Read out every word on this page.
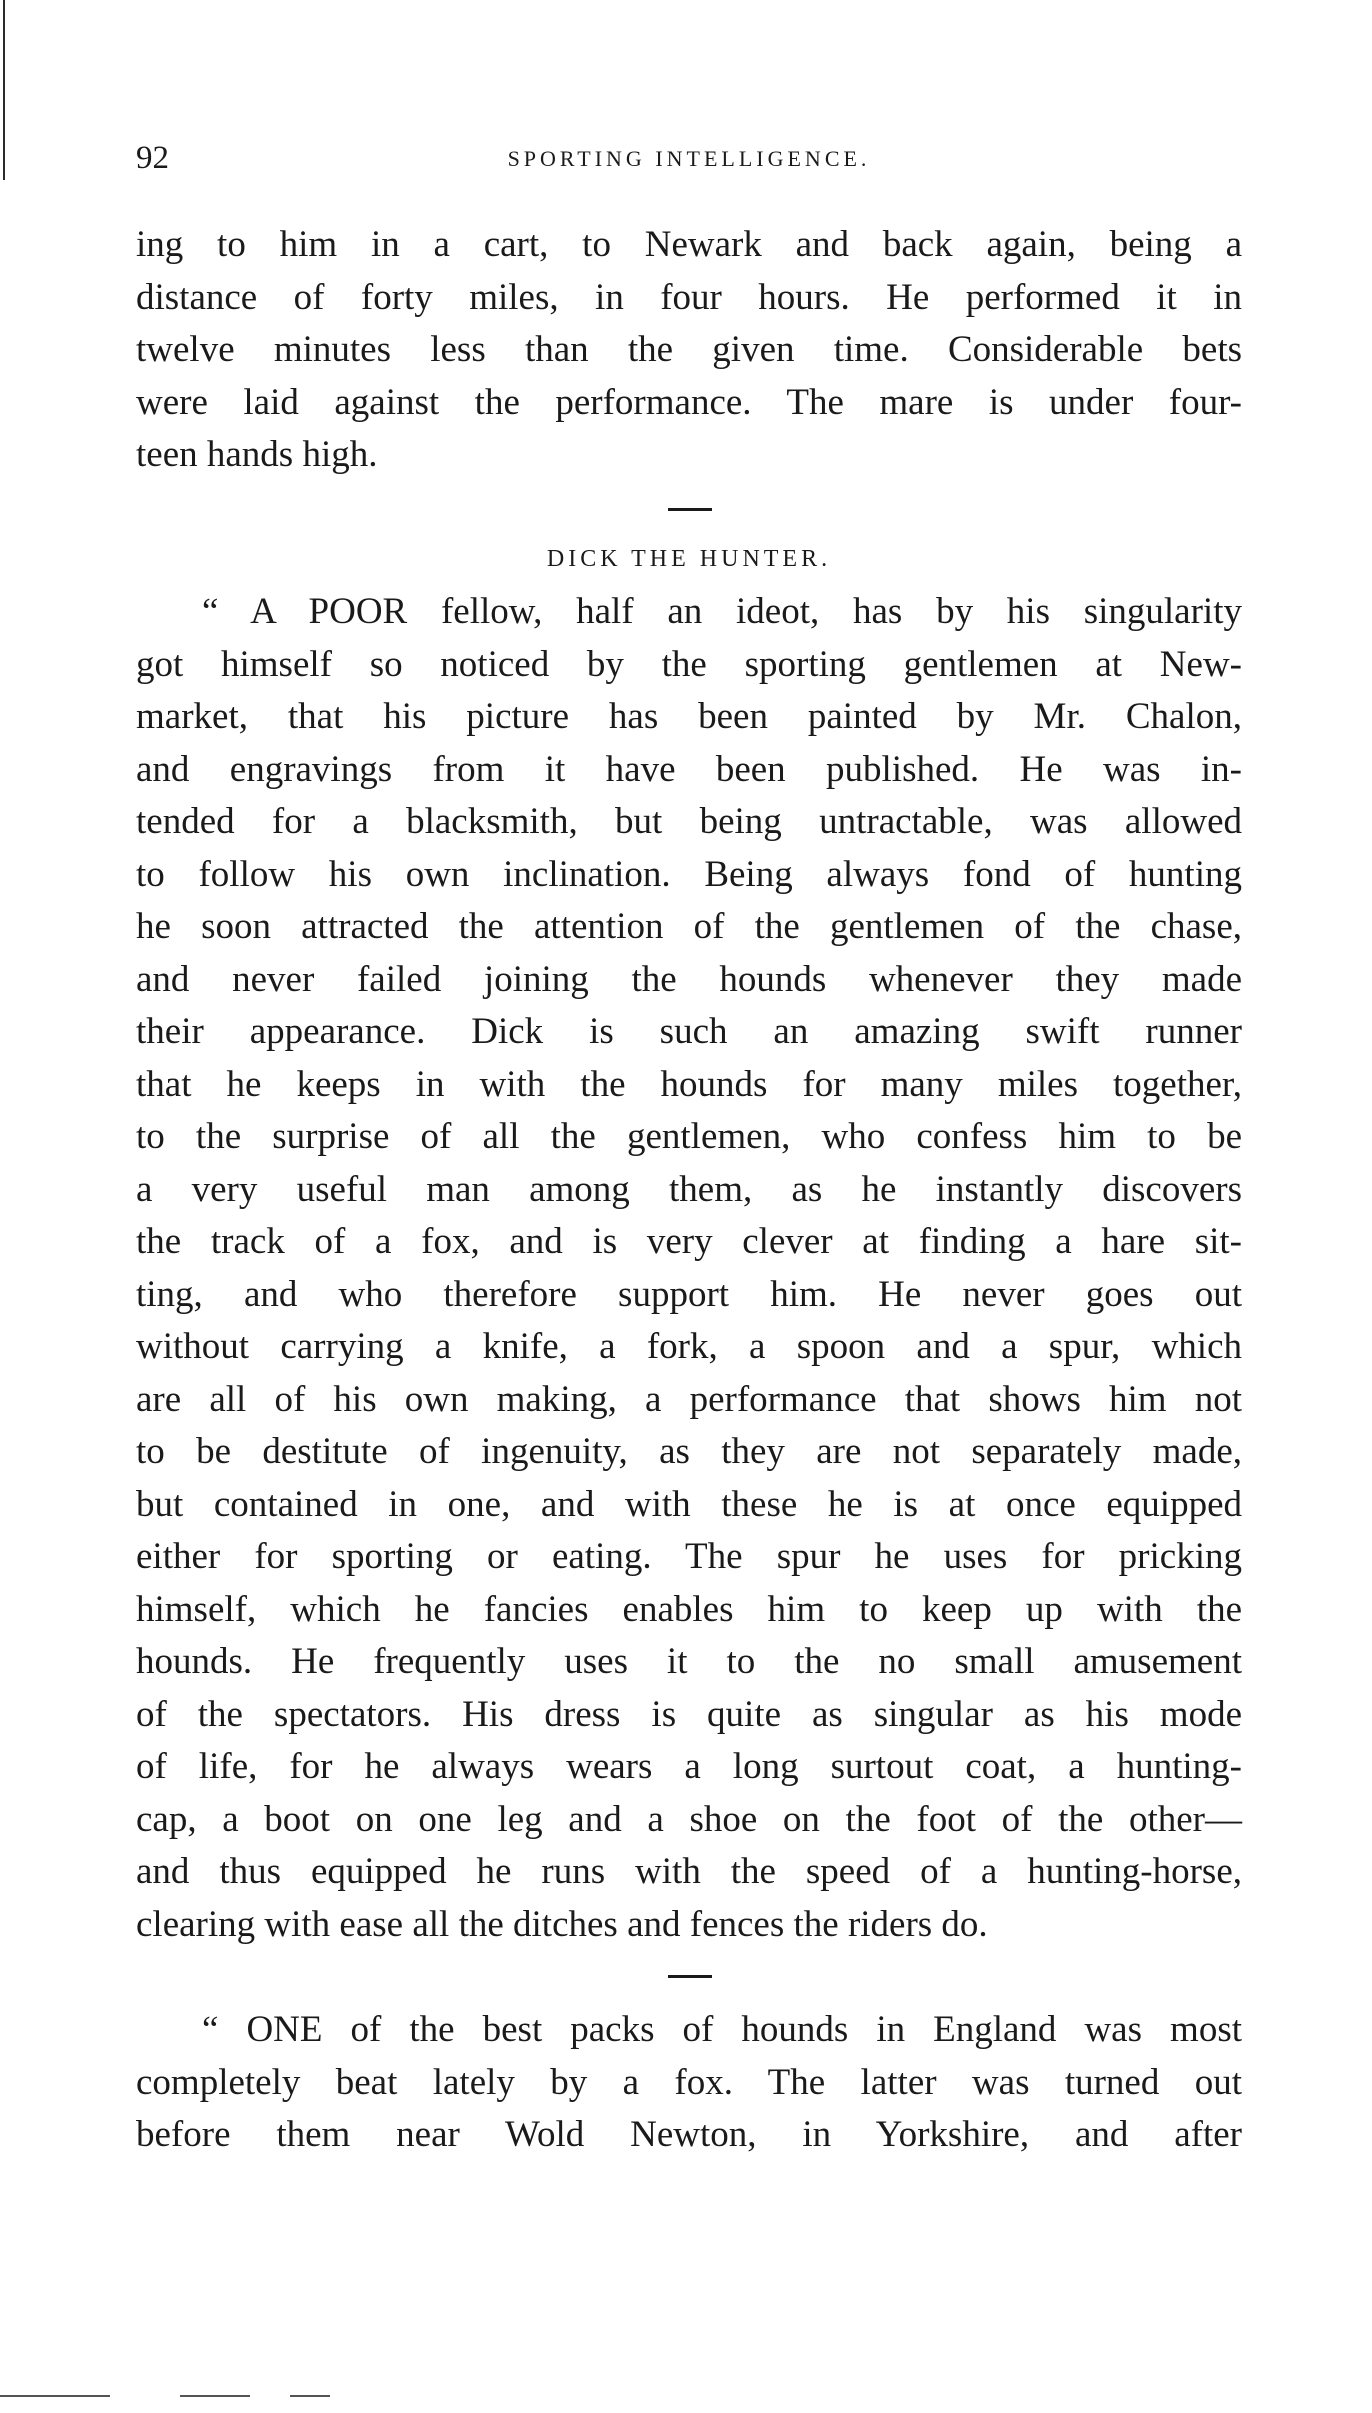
92	SPORTING INTELLIGENCE.
ing to him in a cart, to Newark and back again, being a
distance of forty miles, in four hours. He performed it in
twelve minutes less than the given time. Considerable bets
were laid against the performance. The mare is under four-
teen hands high.
DICK THE HUNTER.
“ A POOR fellow, half an ideot, has by his singularity
got himself so noticed by the sporting gentlemen at New-
market, that his picture has been painted by Mr. Chalon,
and engravings from it have been published. He was in-
tended for a blacksmith, but being untractable, was allowed
to follow his own inclination. Being always fond of hunting
he soon attracted the attention of the gentlemen of the chase,
and never failed joining the hounds whenever they made
their appearance. Dick is such an amazing swift runner
that he keeps in with the hounds for many miles together,
to the surprise of all the gentlemen, who confess him to be
a very useful man among them, as he instantly discovers
the track of a fox, and is very clever at finding a hare sit-
ting, and who therefore support him. He never goes out
without carrying a knife, a fork, a spoon and a spur, which
are all of his own making, a performance that shows him not
to be destitute of ingenuity, as they are not separately made,
but contained in one, and with these he is at once equipped
either for sporting or eating. The spur he uses for pricking
himself, which he fancies enables him to keep up with the
hounds. He frequently uses it to the no small amusement
of the spectators. His dress is quite as singular as his mode
of life, for he always wears a long surtout coat, a hunting-
cap, a boot on one leg and a shoe on the foot of the other—
and thus equipped he runs with the speed of a hunting-horse,
clearing with ease all the ditches and fences the riders do.
“ ONE of the best packs of hounds in England was most
completely beat lately by a fox. The latter was turned out
before them near Wold Newton, in Yorkshire, and after
